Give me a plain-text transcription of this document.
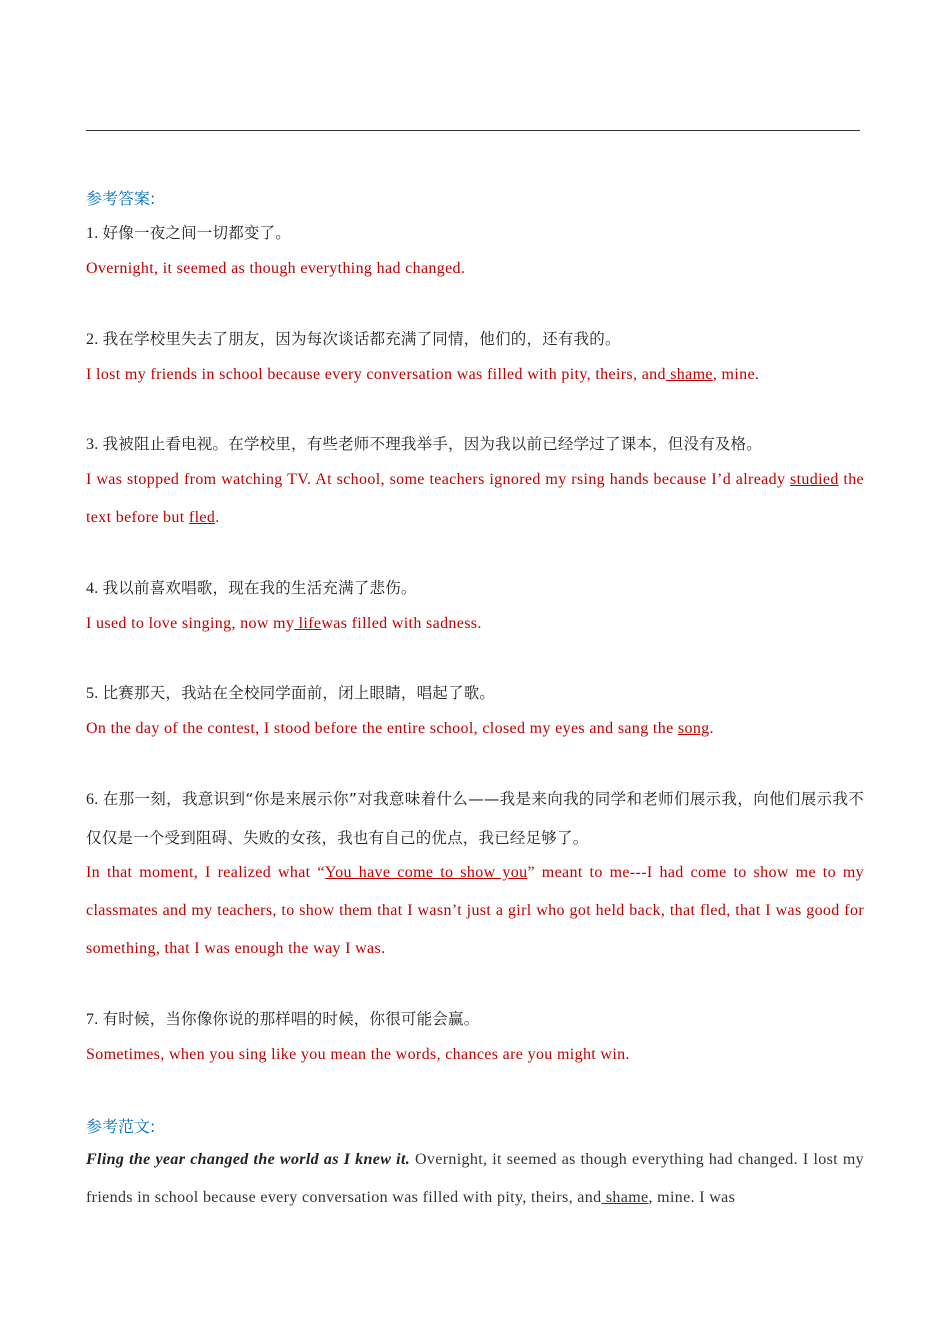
参考答案:
1. 好像一夜之间一切都变了。
Overnight, it seemed as though everything had changed.
2. 我在学校里失去了朋友，因为每次谈话都充满了同情，他们的，还有我的。
I lost my friends in school because every conversation was filled with pity, theirs, and shame, mine.
3. 我被阻止看电视。在学校里，有些老师不理我举手，因为我以前已经学过了课本，但没有及格。
I was stopped from watching TV. At school, some teachers ignored my rsing hands because I’d already studied the text before but fled.
4. 我以前喜欢唱歌，现在我的生活充满了悲伤。
I used to love singing, now my lifewas filled with sadness.
5. 比赛那天，我站在全校同学面前，闭上眼睛，唱起了歌。
On the day of the contest, I stood before the entire school, closed my eyes and sang the song.
6. 在那一刻，我意识到“你是来展示你”对我意味着什么——我是来向我的同学和老师们展示我，向他们展示我不仅仅是一个受到阻碍、失败的女孩，我也有自己的优点，我已经足够了。
In that moment, I realized what “You have come to show you” meant to me---I had come to show me to my classmates and my teachers, to show them that I wasn’t just a girl who got held back, that fled, that I was good for something, that I was enough the way I was.
7. 有时候，当你像你说的那样唱的时候，你很可能会赢。
Sometimes, when you sing like you mean the words, chances are you might win.
参考范文:
Fling the year changed the world as I knew it. Overnight, it seemed as though everything had changed. I lost my friends in school because every conversation was filled with pity, theirs, and shame, mine. I was
